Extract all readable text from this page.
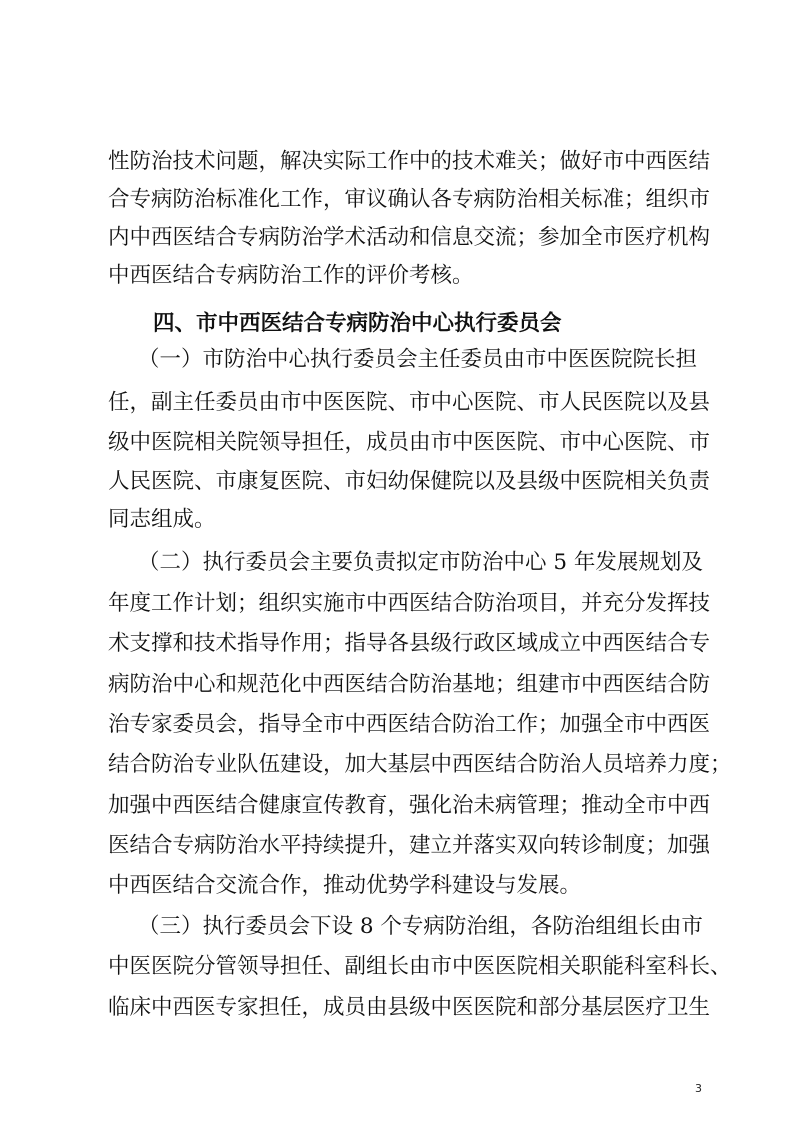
性防治技术问题，解决实际工作中的技术难关；做好市中西医结
合专病防治标准化工作，审议确认各专病防治相关标准；组织市
内中西医结合专病防治学术活动和信息交流；参加全市医疗机构
中西医结合专病防治工作的评价考核。
四、市中西医结合专病防治中心执行委员会
（一）市防治中心执行委员会主任委员由市中医医院院长担
任，副主任委员由市中医医院、市中心医院、市人民医院以及县
级中医院相关院领导担任，成员由市中医医院、市中心医院、市
人民医院、市康复医院、市妇幼保健院以及县级中医院相关负责
同志组成。
（二）执行委员会主要负责拟定市防治中心 5 年发展规划及
年度工作计划；组织实施市中西医结合防治项目，并充分发挥技
术支撑和技术指导作用；指导各县级行政区域成立中西医结合专
病防治中心和规范化中西医结合防治基地；组建市中西医结合防
治专家委员会，指导全市中西医结合防治工作；加强全市中西医
结合防治专业队伍建设，加大基层中西医结合防治人员培养力度；
加强中西医结合健康宣传教育，强化治未病管理；推动全市中西
医结合专病防治水平持续提升，建立并落实双向转诊制度；加强
中西医结合交流合作，推动优势学科建设与发展。
（三）执行委员会下设 8 个专病防治组，各防治组组长由市
中医医院分管领导担任、副组长由市中医医院相关职能科室科长、
临床中西医专家担任，成员由县级中医医院和部分基层医疗卫生
3
